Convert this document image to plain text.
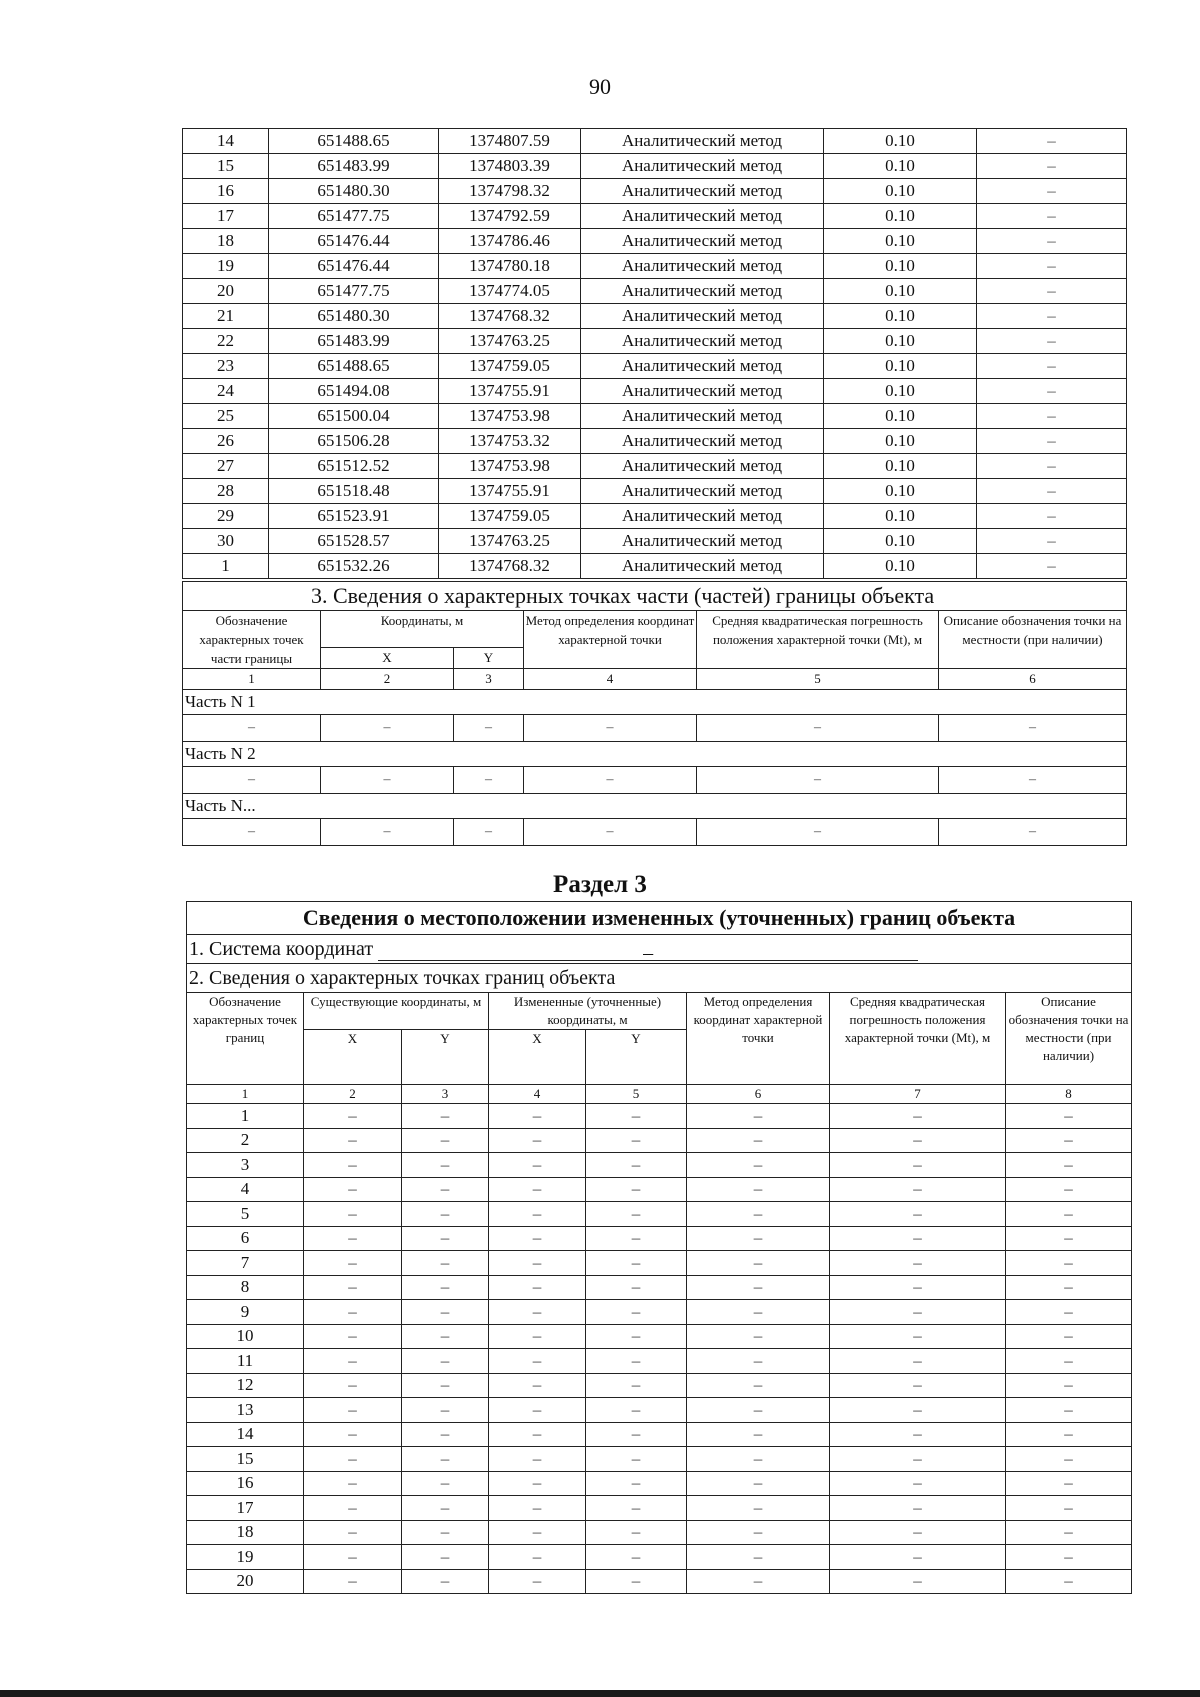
90
14	651488.65	1374807.59	Аналитический метод	0.10	–
15	651483.99	1374803.39	Аналитический метод	0.10	–
16	651480.30	1374798.32	Аналитический метод	0.10	–
17	651477.75	1374792.59	Аналитический метод	0.10	–
18	651476.44	1374786.46	Аналитический метод	0.10	–
19	651476.44	1374780.18	Аналитический метод	0.10	–
20	651477.75	1374774.05	Аналитический метод	0.10	–
21	651480.30	1374768.32	Аналитический метод	0.10	–
22	651483.99	1374763.25	Аналитический метод	0.10	–
23	651488.65	1374759.05	Аналитический метод	0.10	–
24	651494.08	1374755.91	Аналитический метод	0.10	–
25	651500.04	1374753.98	Аналитический метод	0.10	–
26	651506.28	1374753.32	Аналитический метод	0.10	–
27	651512.52	1374753.98	Аналитический метод	0.10	–
28	651518.48	1374755.91	Аналитический метод	0.10	–
29	651523.91	1374759.05	Аналитический метод	0.10	–
30	651528.57	1374763.25	Аналитический метод	0.10	–
1	651532.26	1374768.32	Аналитический метод	0.10	–
3. Сведения о характерных точках части (частей) границы объекта					
Обозначение характерных точек части границы	Координаты, м		Метод определения координат характерной точки	Средняя квадратическая погрешность положения характерной точки (Mt), м	Описание обозначения точки на местности (при наличии)
	X	Y			
1	2	3	4	5	6
Часть N 1					
–	–	–	–	–	–
Часть N 2					
–	–	–	–	–	–
Часть N...					
–	–	–	–	–	–
Раздел 3
Сведения о местоположении измененных (уточненных) границ объекта							
1. Система координат –							
2. Сведения о характерных точках границ объекта							
Обозначение характерных точек границ	Существующие координаты, м		Измененные (уточненные) координаты, м		Метод определения координат характерной точки	Средняя квадратическая погрешность положения характерной точки (Mt), м	Описание обозначения точки на местности (при наличии)
	X	Y	X	Y			
1	2	3	4	5	6	7	8
1	–	–	–	–	–	–	–
2	–	–	–	–	–	–	–
3	–	–	–	–	–	–	–
4	–	–	–	–	–	–	–
5	–	–	–	–	–	–	–
6	–	–	–	–	–	–	–
7	–	–	–	–	–	–	–
8	–	–	–	–	–	–	–
9	–	–	–	–	–	–	–
10	–	–	–	–	–	–	–
11	–	–	–	–	–	–	–
12	–	–	–	–	–	–	–
13	–	–	–	–	–	–	–
14	–	–	–	–	–	–	–
15	–	–	–	–	–	–	–
16	–	–	–	–	–	–	–
17	–	–	–	–	–	–	–
18	–	–	–	–	–	–	–
19	–	–	–	–	–	–	–
20	–	–	–	–	–	–	–
